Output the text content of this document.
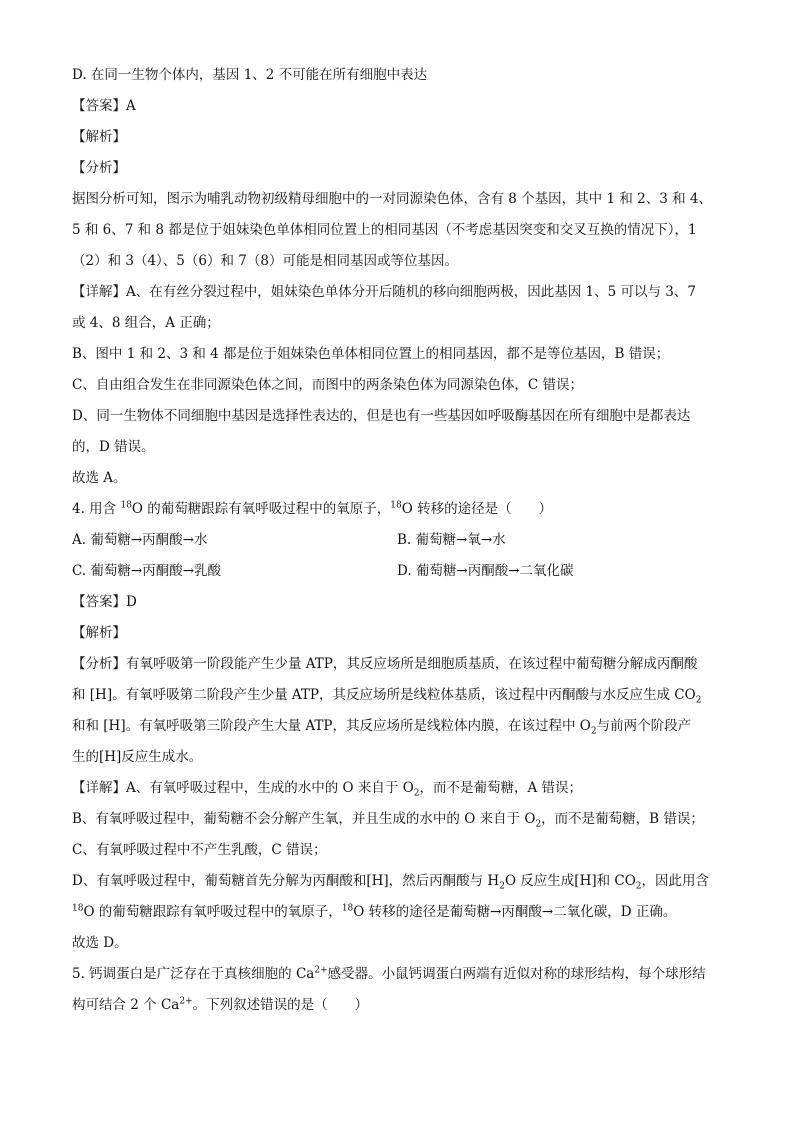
D. 在同一生物个体内，基因 1、2 不可能在所有细胞中表达
【答案】A
【解析】
【分析】
据图分析可知，图示为哺乳动物初级精母细胞中的一对同源染色体，含有 8 个基因，其中 1 和 2、3 和 4、
5 和 6、7 和 8 都是位于姐妹染色单体相同位置上的相同基因（不考虑基因突变和交叉互换的情况下），1
（2）和 3（4）、5（6）和 7（8）可能是相同基因或等位基因。
【详解】A、在有丝分裂过程中，姐妹染色单体分开后随机的移向细胞两极，因此基因 1、5 可以与 3、7
或 4、8 组合，A 正确；
B、图中 1 和 2、3 和 4 都是位于姐妹染色单体相同位置上的相同基因，都不是等位基因，B 错误；
C、自由组合发生在非同源染色体之间，而图中的两条染色体为同源染色体，C 错误；
D、同一生物体不同细胞中基因是选择性表达的，但是也有一些基因如呼吸酶基因在所有细胞中是都表达
的，D 错误。
故选 A。
4. 用含 $^{18}$O 的葡萄糖跟踪有氧呼吸过程中的氧原子，$^{18}$O 转移的途径是（　　）
A. 葡萄糖→丙酮酸→水	B. 葡萄糖→氧→水
C. 葡萄糖→丙酮酸→乳酸	D. 葡萄糖→丙酮酸→二氧化碳
【答案】D
【解析】
【分析】有氧呼吸第一阶段能产生少量 ATP，其反应场所是细胞质基质，在该过程中葡萄糖分解成丙酮酸
和 [H]。有氧呼吸第二阶段产生少量 ATP，其反应场所是线粒体基质，该过程中丙酮酸与水反应生成 $CO_2$
和和 [H]。有氧呼吸第三阶段产生大量 ATP，其反应场所是线粒体内膜，在该过程中 $O_2$与前两个阶段产
生的[H]反应生成水。
【详解】A、有氧呼吸过程中，生成的水中的 O 来自于 $O_2$，而不是葡萄糖，A 错误；
B、有氧呼吸过程中，葡萄糖不会分解产生氧，并且生成的水中的 O 来自于 $O_2$，而不是葡萄糖，B 错误；
C、有氧呼吸过程中不产生乳酸，C 错误；
D、有氧呼吸过程中，葡萄糖首先分解为丙酮酸和[H]，然后丙酮酸与 $H_2O$ 反应生成[H]和 $CO_2$，因此用含
$^{18}$O 的葡萄糖跟踪有氧呼吸过程中的氧原子，$^{18}$O 转移的途径是葡萄糖→丙酮酸→二氧化碳，D 正确。
故选 D。
5. 钙调蛋白是广泛存在于真核细胞的 $Ca^{2+}$感受器。小鼠钙调蛋白两端有近似对称的球形结构，每个球形结
构可结合 2 个 $Ca^{2+}$。下列叙述错误的是（　　）
